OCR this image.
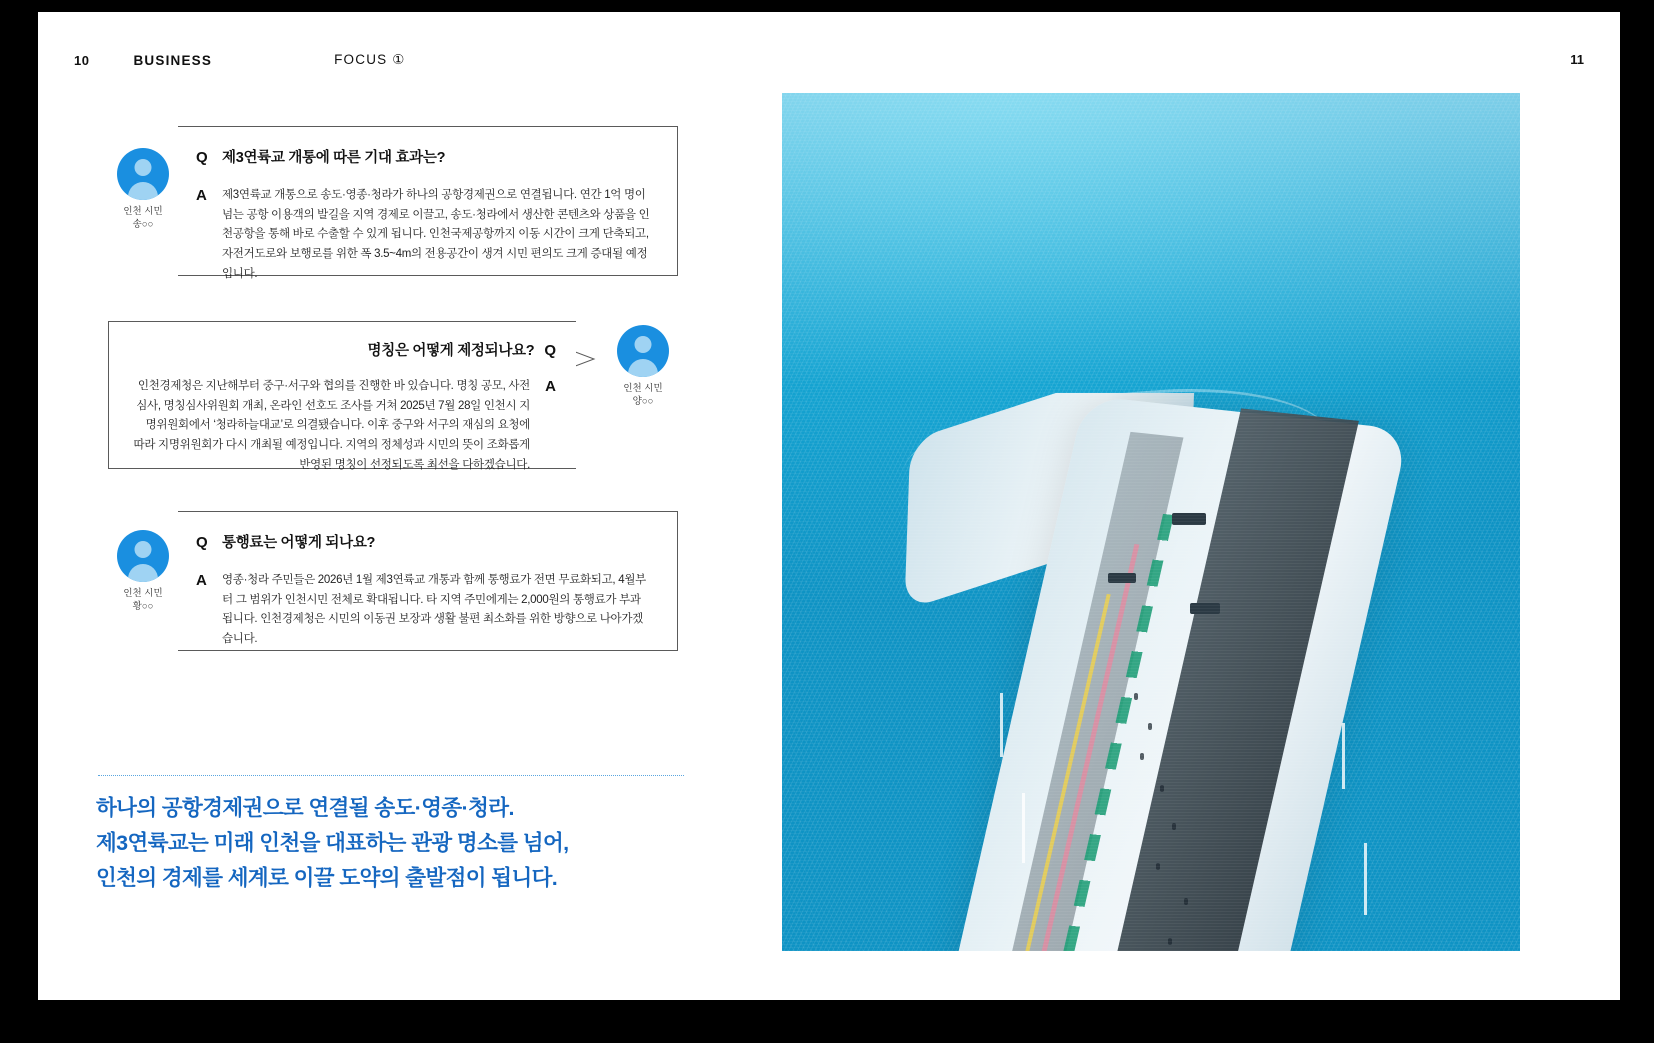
10	BUSINESS	FOCUS ①	11
인천 시민
송○○
Q 제3연륙교 개통에 따른 기대 효과는?
A	제3연륙교 개통으로 송도·영종·청라가 하나의 공항경제권으로 연결됩니다. 연간 1억 명이 넘는 공항 이용객의 발길을 지역 경제로 이끌고, 송도·청라에서 생산한 콘텐츠와 상품을 인천공항을 통해 바로 수출할 수 있게 됩니다. 인천국제공항까지 이동 시간이 크게 단축되고, 자전거도로와 보행로를 위한 폭 3.5~4m의 전용공간이 생겨 시민 편의도 크게 증대될 예정입니다.
인천 시민
양○○
명칭은 어떻게 제정되나요? Q
인천경제청은 지난해부터 중구·서구와 협의를 진행한 바 있습니다. 명칭 공모, 사전심사, 명칭심사위원회 개최, 온라인 선호도 조사를 거쳐 2025년 7월 28일 인천시 지명위원회에서 ‘청라하늘대교’로 의결됐습니다. 이후 중구와 서구의 재심의 요청에 따라 지명위원회가 다시 개최될 예정입니다. 지역의 정체성과 시민의 뜻이 조화롭게 반영된 명칭이 선정되도록 최선을 다하겠습니다.
A
인천 시민
황○○
Q 통행료는 어떻게 되나요?
A	영종·청라 주민들은 2026년 1월 제3연륙교 개통과 함께 통행료가 전면 무료화되고, 4월부터 그 범위가 인천시민 전체로 확대됩니다. 타 지역 주민에게는 2,000원의 통행료가 부과됩니다. 인천경제청은 시민의 이동권 보장과 생활 불편 최소화를 위한 방향으로 나아가겠습니다.
하나의 공항경제권으로 연결될 송도·영종·청라.
제3연륙교는 미래 인천을 대표하는 관광 명소를 넘어,
인천의 경제를 세계로 이끌 도약의 출발점이 됩니다.
